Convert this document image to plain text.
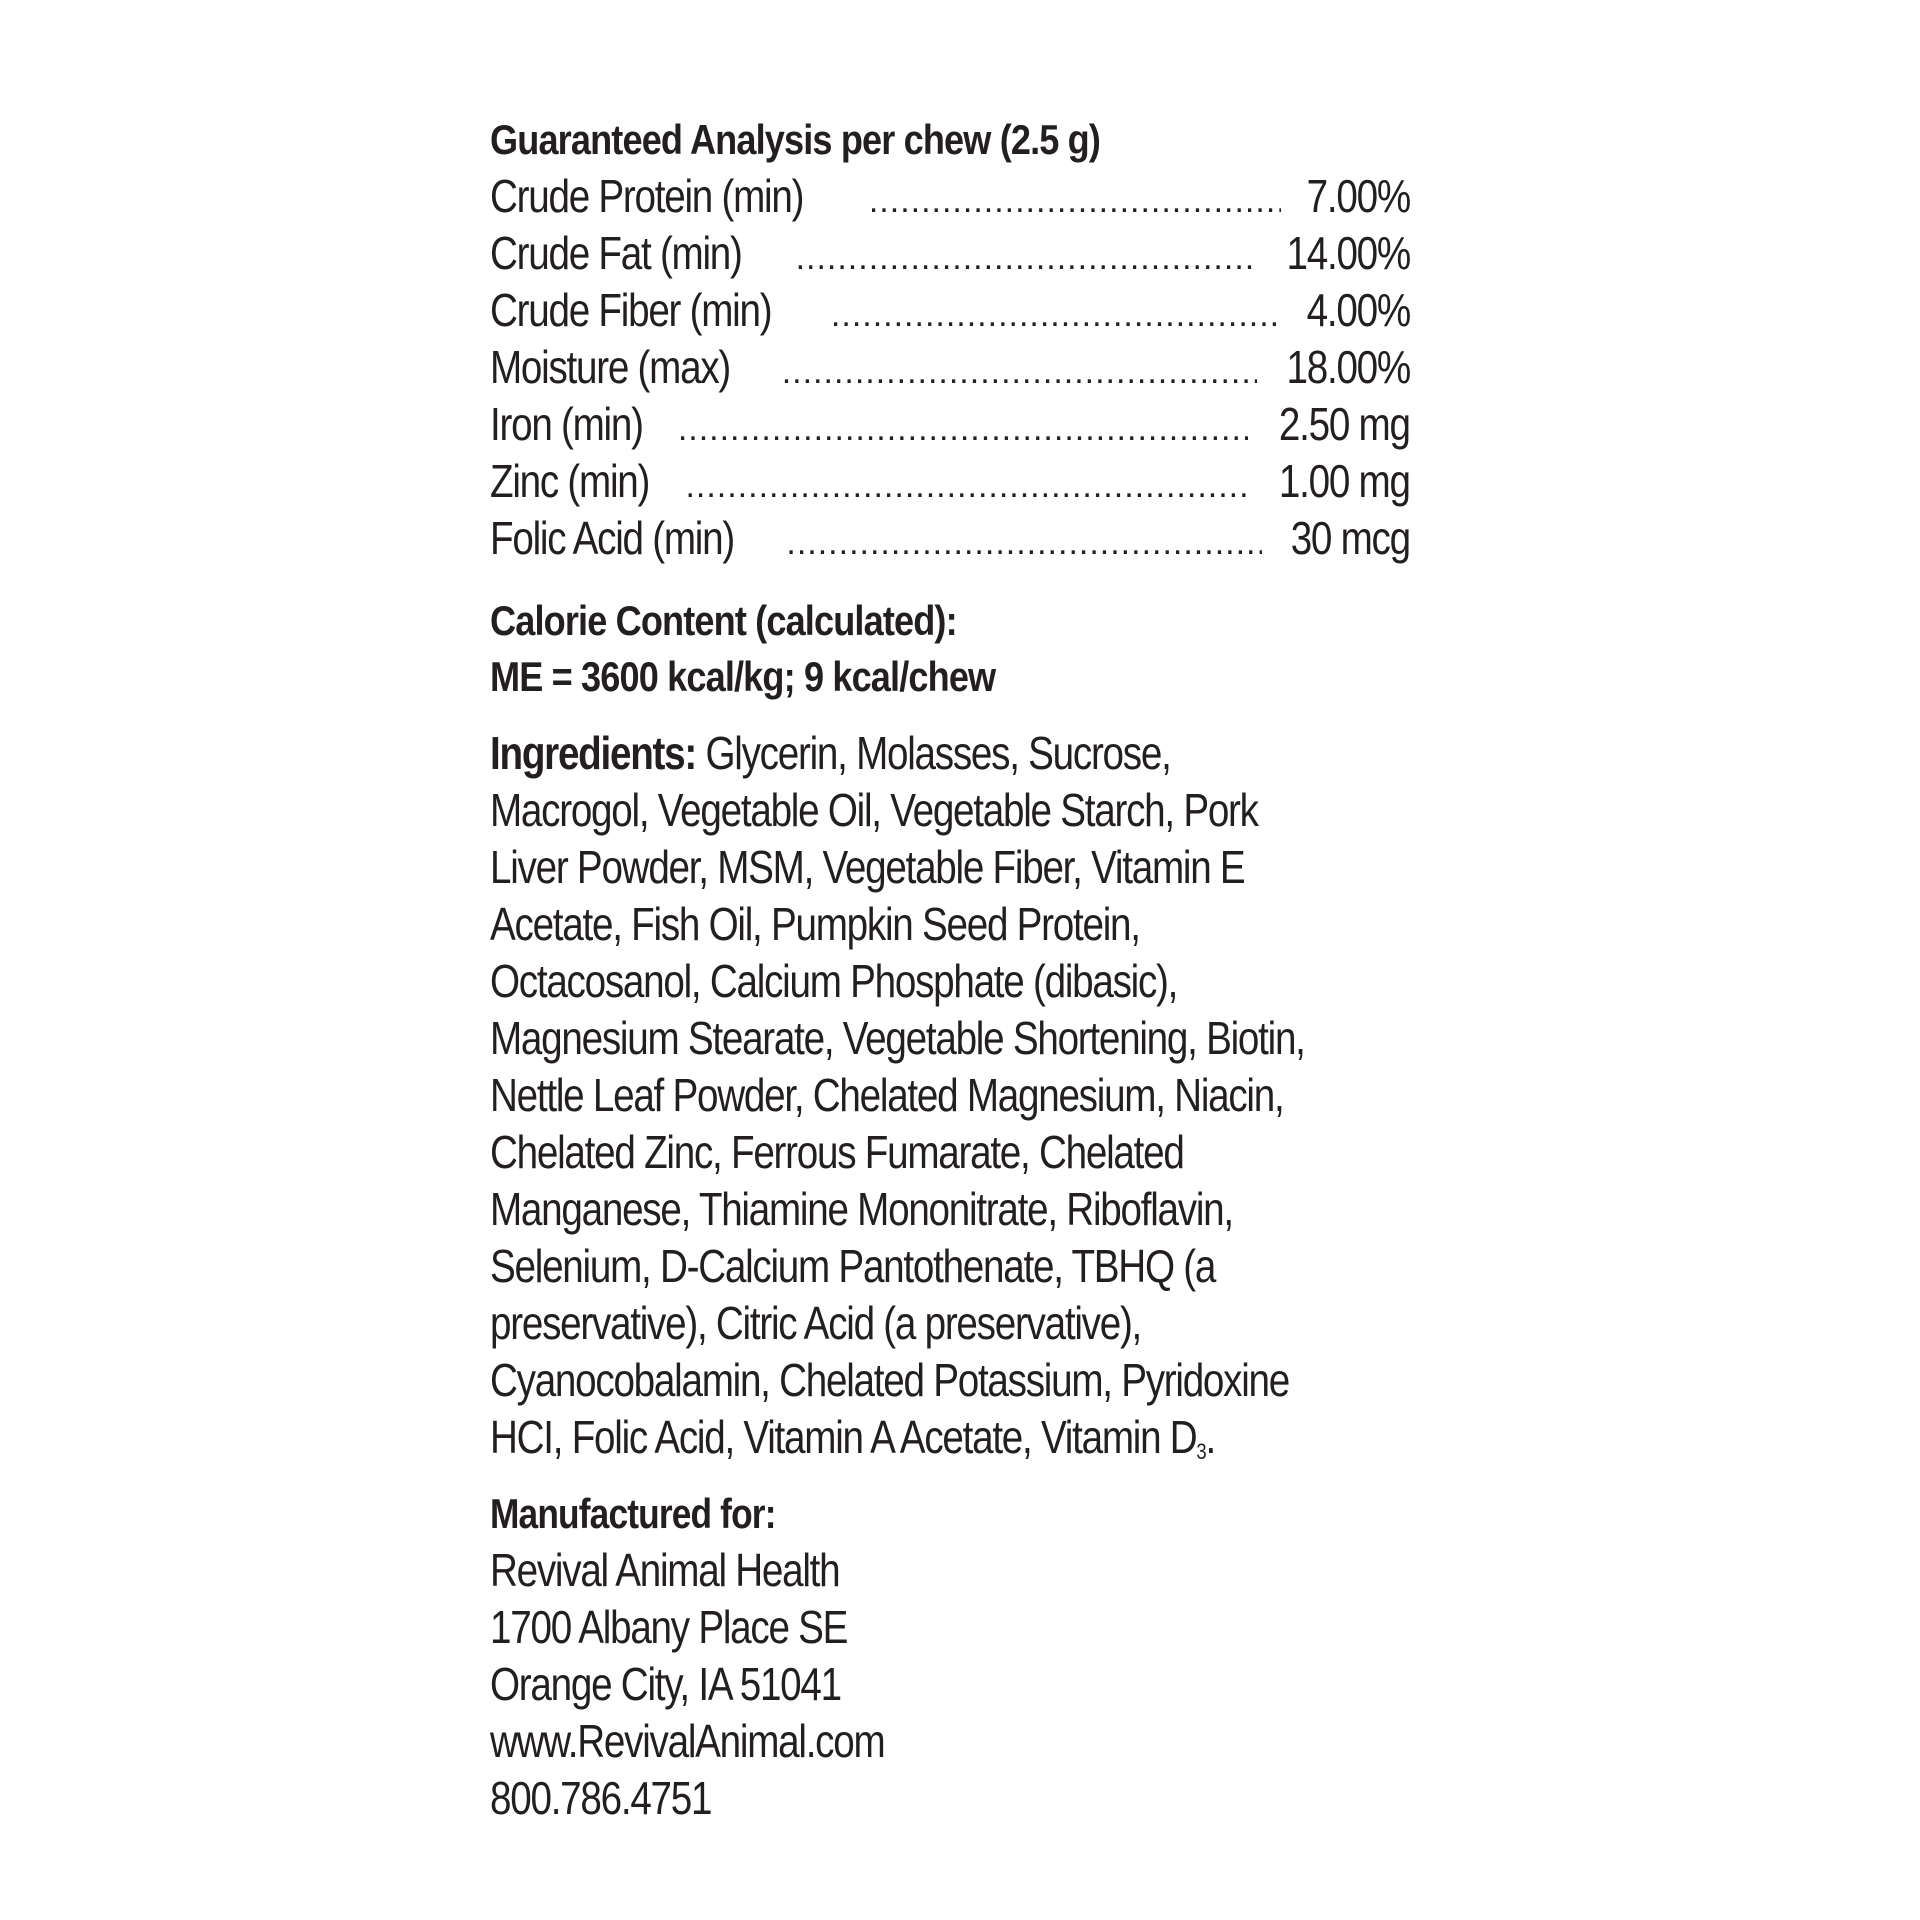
Guaranteed Analysis per chew (2.5 g)
Crude Protein (min) .....	7.00%
Crude Fat (min) .....	14.00%
Crude Fiber (min) .....	4.00%
Moisture (max) .....	18.00%
Iron (min) .....	2.50 mg
Zinc (min) .....	1.00 mg
Folic Acid (min) .....	30 mcg
Calorie Content (calculated):
ME = 3600 kcal/kg; 9 kcal/chew
Ingredients: Glycerin, Molasses, Sucrose,
Macrogol, Vegetable Oil, Vegetable Starch, Pork
Liver Powder, MSM, Vegetable Fiber, Vitamin E
Acetate, Fish Oil, Pumpkin Seed Protein,
Octacosanol, Calcium Phosphate (dibasic),
Magnesium Stearate, Vegetable Shortening, Biotin,
Nettle Leaf Powder, Chelated Magnesium, Niacin,
Chelated Zinc, Ferrous Fumarate, Chelated
Manganese, Thiamine Mononitrate, Riboflavin,
Selenium, D-Calcium Pantothenate, TBHQ (a
preservative), Citric Acid (a preservative),
Cyanocobalamin, Chelated Potassium, Pyridoxine
HCI, Folic Acid, Vitamin A Acetate, Vitamin $D_3$.
Manufactured for:
Revival Animal Health
1700 Albany Place SE
Orange City, IA 51041
www.RevivalAnimal.com
800.786.4751
